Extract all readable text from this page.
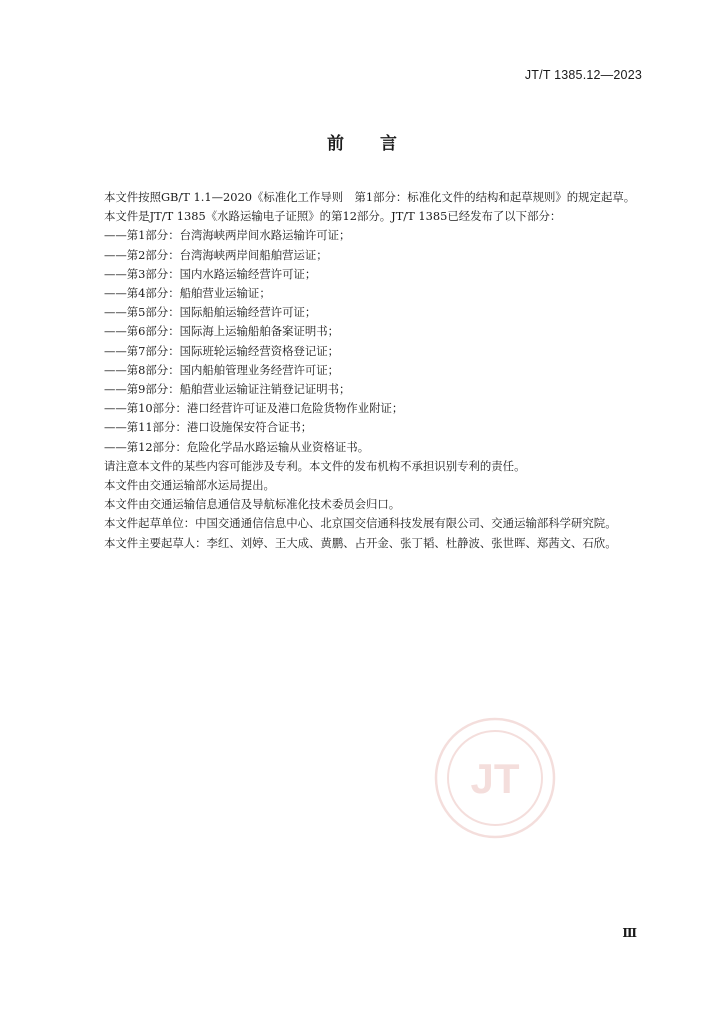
JT/T 1385.12—2023
前言

本文件按照GB/T 1.1—2020《标准化工作导则　第1部分：标准化文件的结构和起草规则》的规定起草。

本文件是JT/T 1385《水路运输电子证照》的第12部分。JT/T 1385已经发布了以下部分：

——第1部分：台湾海峡两岸间水路运输许可证；

——第2部分：台湾海峡两岸间船舶营运证；

——第3部分：国内水路运输经营许可证；

——第4部分：船舶营业运输证；

——第5部分：国际船舶运输经营许可证；

——第6部分：国际海上运输船舶备案证明书；

——第7部分：国际班轮运输经营资格登记证；

——第8部分：国内船舶管理业务经营许可证；

——第9部分：船舶营业运输证注销登记证明书；

——第10部分：港口经营许可证及港口危险货物作业附证；

——第11部分：港口设施保安符合证书；

——第12部分：危险化学品水路运输从业资格证书。

请注意本文件的某些内容可能涉及专利。本文件的发布机构不承担识别专利的责任。

本文件由交通运输部水运局提出。

本文件由交通运输信息通信及导航标准化技术委员会归口。

本文件起草单位：中国交通通信信息中心、北京国交信通科技发展有限公司、交通运输部科学研究院。

本文件主要起草人：李红、刘婷、王大成、黄鹏、占开金、张丁韬、杜静波、张世晖、郑茜文、石欣。

JT
Ⅲ
